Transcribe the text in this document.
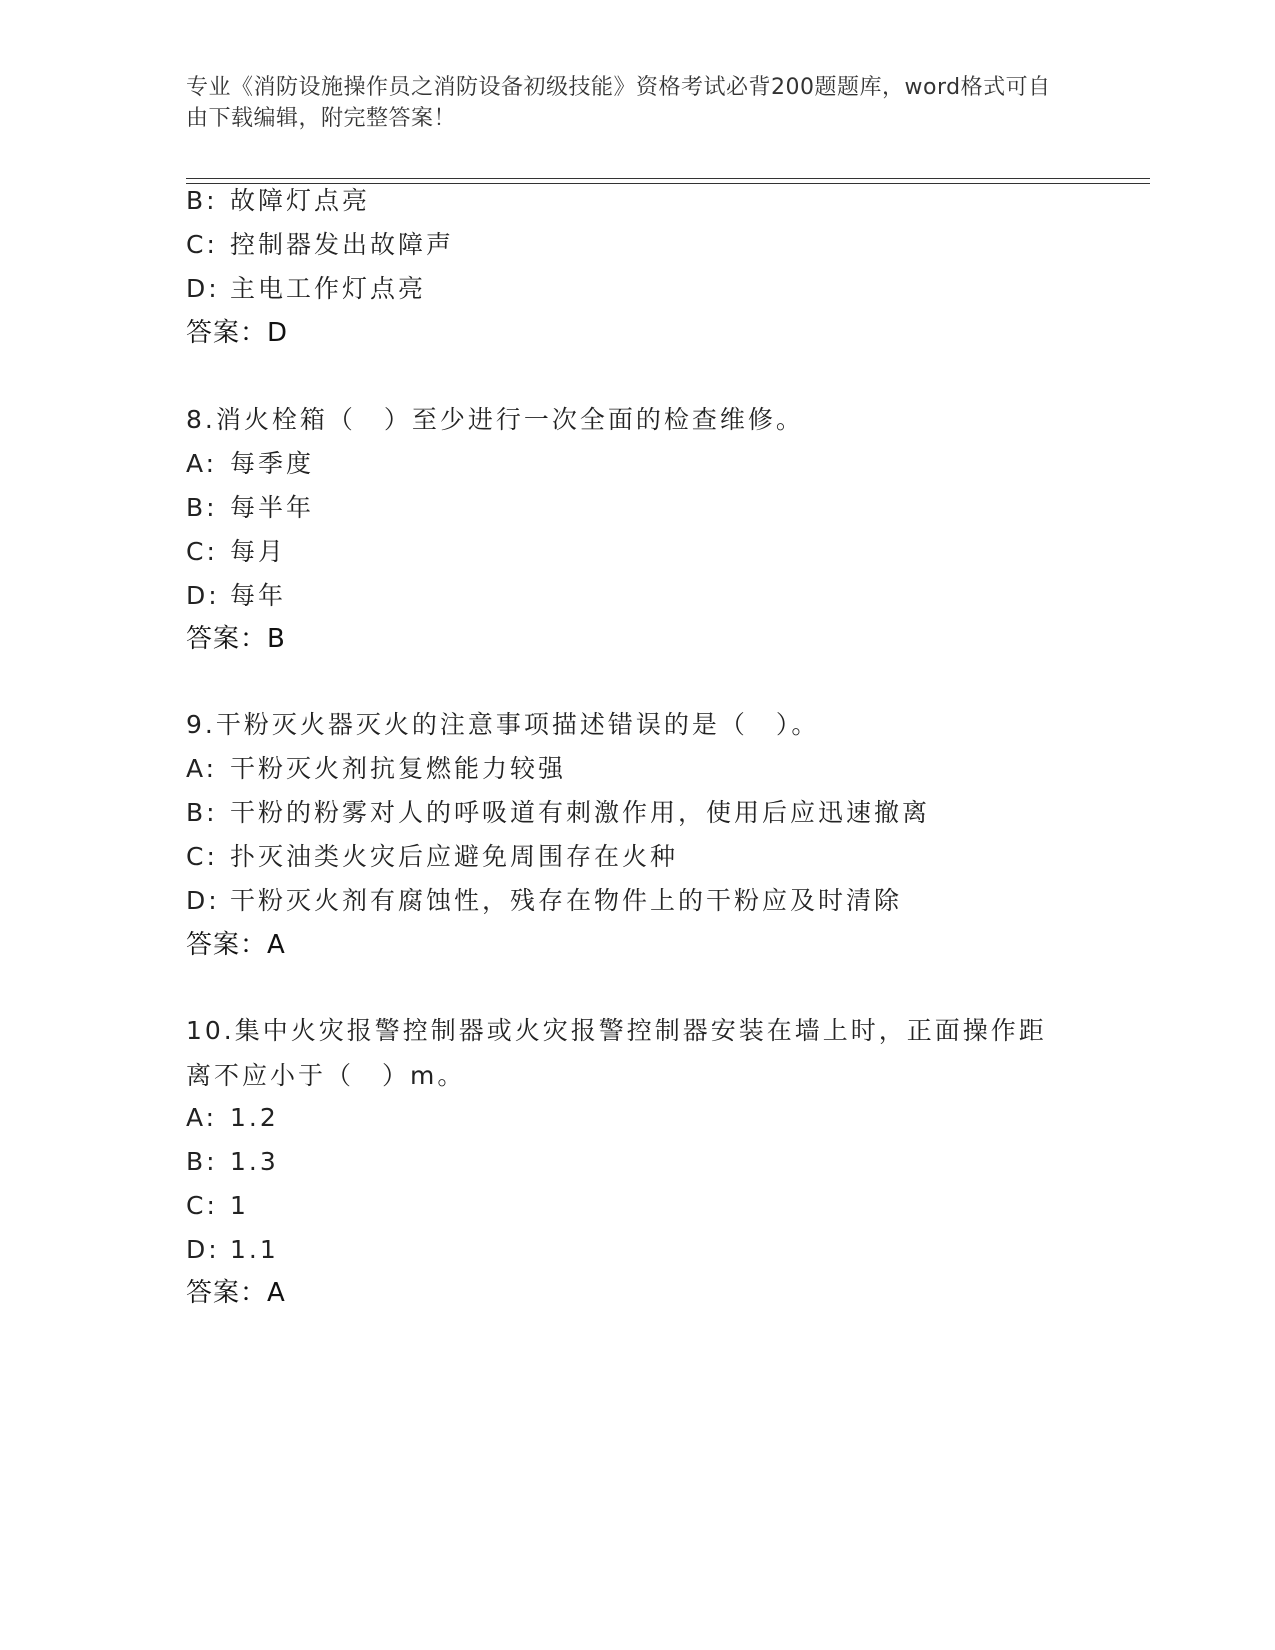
专业《消防设施操作员之消防设备初级技能》资格考试必背200题题库，word格式可自由下载编辑，附完整答案！
B: 故障灯点亮
C: 控制器发出故障声
D: 主电工作灯点亮
答案：D
8.消火栓箱（　）至少进行一次全面的检查维修。
A: 每季度
B: 每半年
C: 每月
D: 每年
答案：B
9.干粉灭火器灭火的注意事项描述错误的是（　）。
A: 干粉灭火剂抗复燃能力较强
B: 干粉的粉雾对人的呼吸道有刺激作用，使用后应迅速撤离
C: 扑灭油类火灾后应避免周围存在火种
D: 干粉灭火剂有腐蚀性，残存在物件上的干粉应及时清除
答案：A
10.集中火灾报警控制器或火灾报警控制器安装在墙上时，正面操作距离不应小于（　）m。
A: 1.2
B: 1.3
C: 1
D: 1.1
答案：A
